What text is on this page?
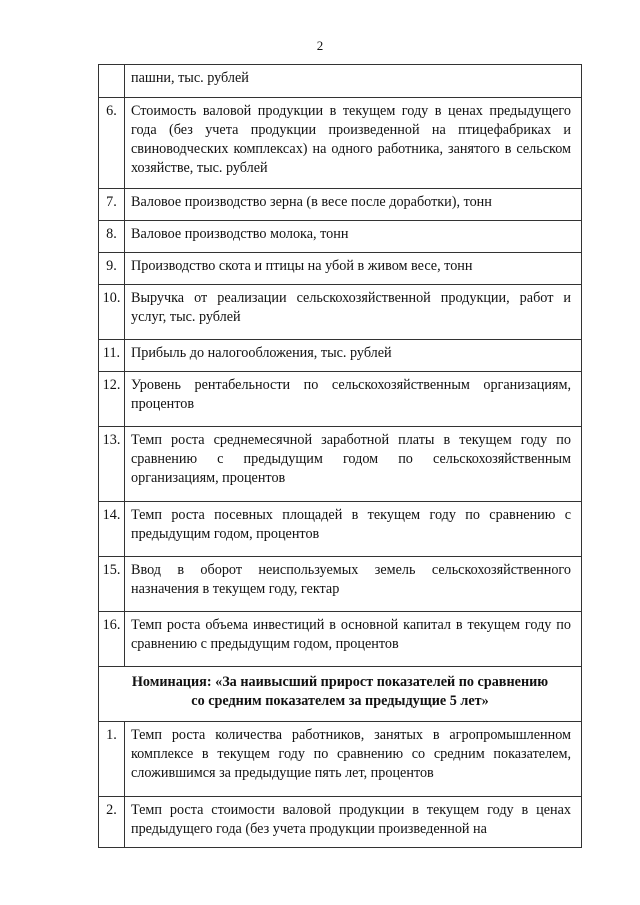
2
	пашни, тыс. рублей
6.	Стоимость валовой продукции в текущем году в ценах предыдущего года (без учета продукции произведенной на птицефабриках и свиноводческих комплексах) на одного работника, занятого в сельском хозяйстве, тыс. рублей
7.	Валовое производство зерна (в весе после доработки), тонн
8.	Валовое производство молока, тонн
9.	Производство скота и птицы на убой в живом весе, тонн
10.	Выручка от реализации сельскохозяйственной продукции, работ и услуг, тыс. рублей
11.	Прибыль до налогообложения, тыс. рублей
12.	Уровень рентабельности по сельскохозяйственным организациям, процентов
13.	Темп роста среднемесячной заработной платы в текущем году по сравнению с предыдущим годом по сельскохозяйственным организациям, процентов
14.	Темп роста посевных площадей в текущем году по сравнению с предыдущим годом, процентов
15.	Ввод в оборот неиспользуемых земель сельскохозяйственного назначения в текущем году, гектар
16.	Темп роста объема инвестиций в основной капитал в текущем году по сравнению с предыдущим годом, процентов

Номинация: «За наивысший прирост показателей по сравнению
со средним показателем за предыдущие 5 лет»	

1.	Темп роста количества работников, занятых в агропромышленном комплексе в текущем году по сравнению со средним показателем, сложившимся за предыдущие пять лет, процентов
2.	Темп роста стоимости валовой продукции в текущем году в ценах предыдущего года (без учета продукции произведенной на
